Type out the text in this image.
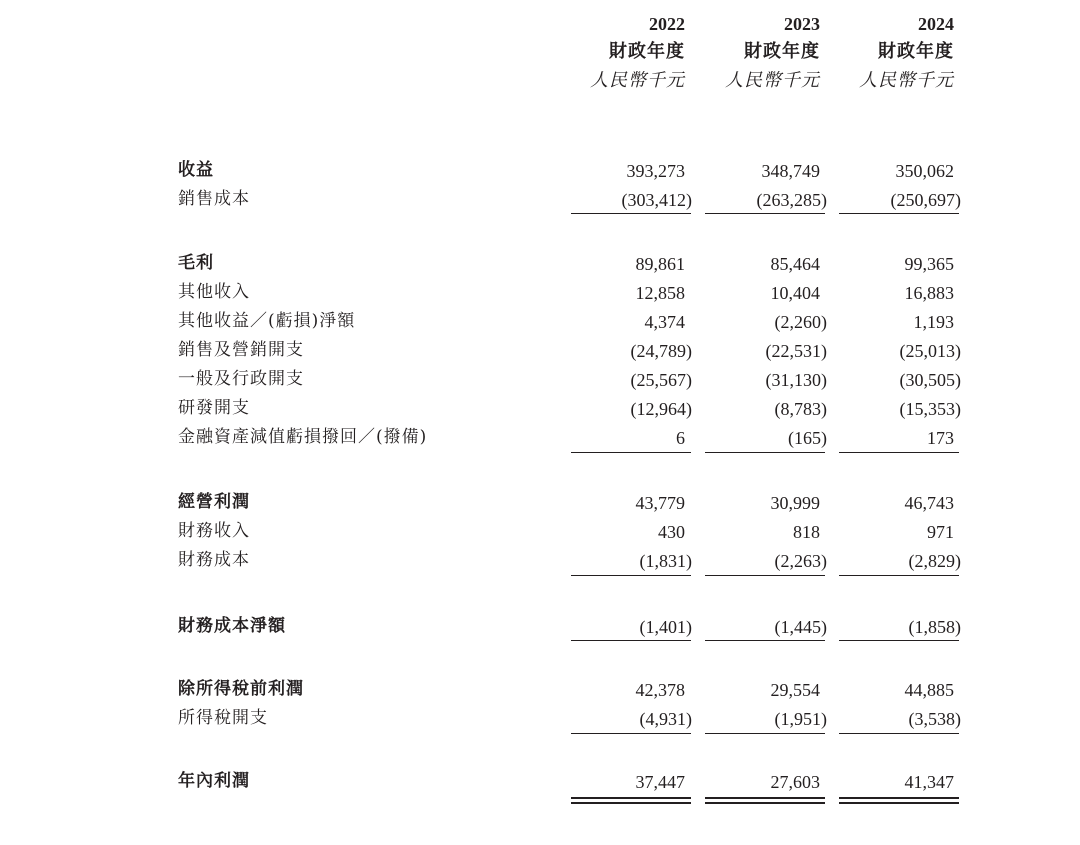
2022	2023	2024
財政年度	財政年度	財政年度
人民幣千元	人民幣千元	人民幣千元
收益	393,273	348,749	350,062
銷售成本	(303,412)	(263,285)	(250,697)
毛利	89,861	85,464	99,365
其他收入	12,858	10,404	16,883
其他收益／(虧損)淨額	4,374	(2,260)	1,193
銷售及營銷開支	(24,789)	(22,531)	(25,013)
一般及行政開支	(25,567)	(31,130)	(30,505)
研發開支	(12,964)	(8,783)	(15,353)
金融資產減值虧損撥回／(撥備)	6	(165)	173
經營利潤	43,779	30,999	46,743
財務收入	430	818	971
財務成本	(1,831)	(2,263)	(2,829)
財務成本淨額	(1,401)	(1,445)	(1,858)
除所得稅前利潤	42,378	29,554	44,885
所得稅開支	(4,931)	(1,951)	(3,538)
年內利潤	37,447	27,603	41,347
